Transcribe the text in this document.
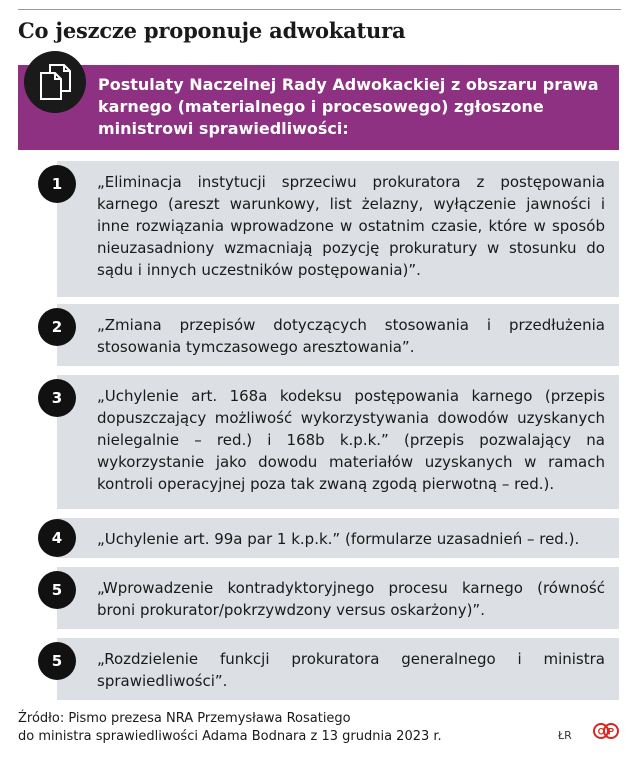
Co jeszcze proponuje adwokatura
Postulaty Naczelnej Rady Adwokackiej z obszaru prawa karnego (materialnego i procesowego) zgłoszone ministrowi sprawiedliwości:
„Eliminacja instytucji sprzeciwu prokuratora z postępowania karnego (areszt warunkowy, list żelazny, wyłączenie jawności i inne rozwiązania wprowadzone w ostatnim czasie, które w sposób nieuzasadniony wzmacniają pozycję prokuratury w stosunku do sądu i innych uczestników postępowania)”.
1
„Zmiana przepisów dotyczących stosowania i przedłużenia stosowania tymczasowego aresztowania”.
2
„Uchylenie art. 168a kodeksu postępowania karnego (przepis dopuszczający możliwość wykorzystywania dowodów uzyskanych nielegalnie – red.) i 168b k.p.k.” (przepis pozwalający na wykorzystanie jako dowodu materiałów uzyskanych w ramach kontroli operacyjnej poza tak zwaną zgodą pierwotną – red.).
3
„Uchylenie art. 99a par 1 k.p.k.” (formularze uzasadnień – red.).
4
„Wprowadzenie kontradyktoryjnego procesu karnego (równość broni prokurator/pokrzywdzony versus oskarżony)”.
5
„Rozdzielenie funkcji prokuratora generalnego i ministra sprawiedliwości”.
5
Źródło: Pismo prezesa NRA Przemysława Rosatiego
do ministra sprawiedliwości Adama Bodnara z 13 grudnia 2023 r.	ŁR	C P
